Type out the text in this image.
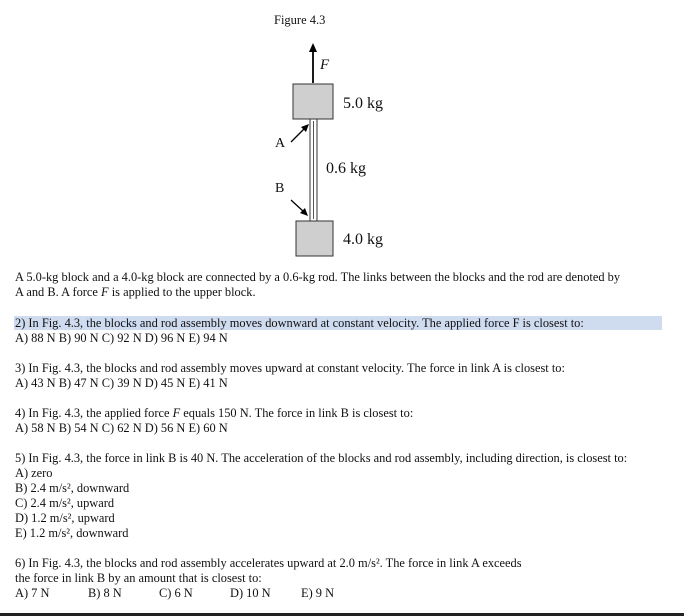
Figure 4.3
F
5.0 kg
A
0.6 kg
B
4.0 kg
A 5.0-kg block and a 4.0-kg block are connected by a 0.6-kg rod. The links between the blocks and the rod are denoted by
A and B. A force F is applied to the upper block.
2) In Fig. 4.3, the blocks and rod assembly moves downward at constant velocity. The applied force F is closest to:
A) 88 N B) 90 N C) 92 N D) 96 N E) 94 N
3) In Fig. 4.3, the blocks and rod assembly moves upward at constant velocity. The force in link A is closest to:
A) 43 N B) 47 N C) 39 N D) 45 N E) 41 N
4) In Fig. 4.3, the applied force F equals 150 N. The force in link B is closest to:
A) 58 N B) 54 N C) 62 N D) 56 N E) 60 N
5) In Fig. 4.3, the force in link B is 40 N. The acceleration of the blocks and rod assembly, including direction, is closest to:
A) zero
B) 2.4 m/s², downward
C) 2.4 m/s², upward
D) 1.2 m/s², upward
E) 1.2 m/s², downward
6) In Fig. 4.3, the blocks and rod assembly accelerates upward at 2.0 m/s². The force in link A exceeds
the force in link B by an amount that is closest to:
A) 7 N	B) 8 N	C) 6 N	D) 10 N E) 9 N
